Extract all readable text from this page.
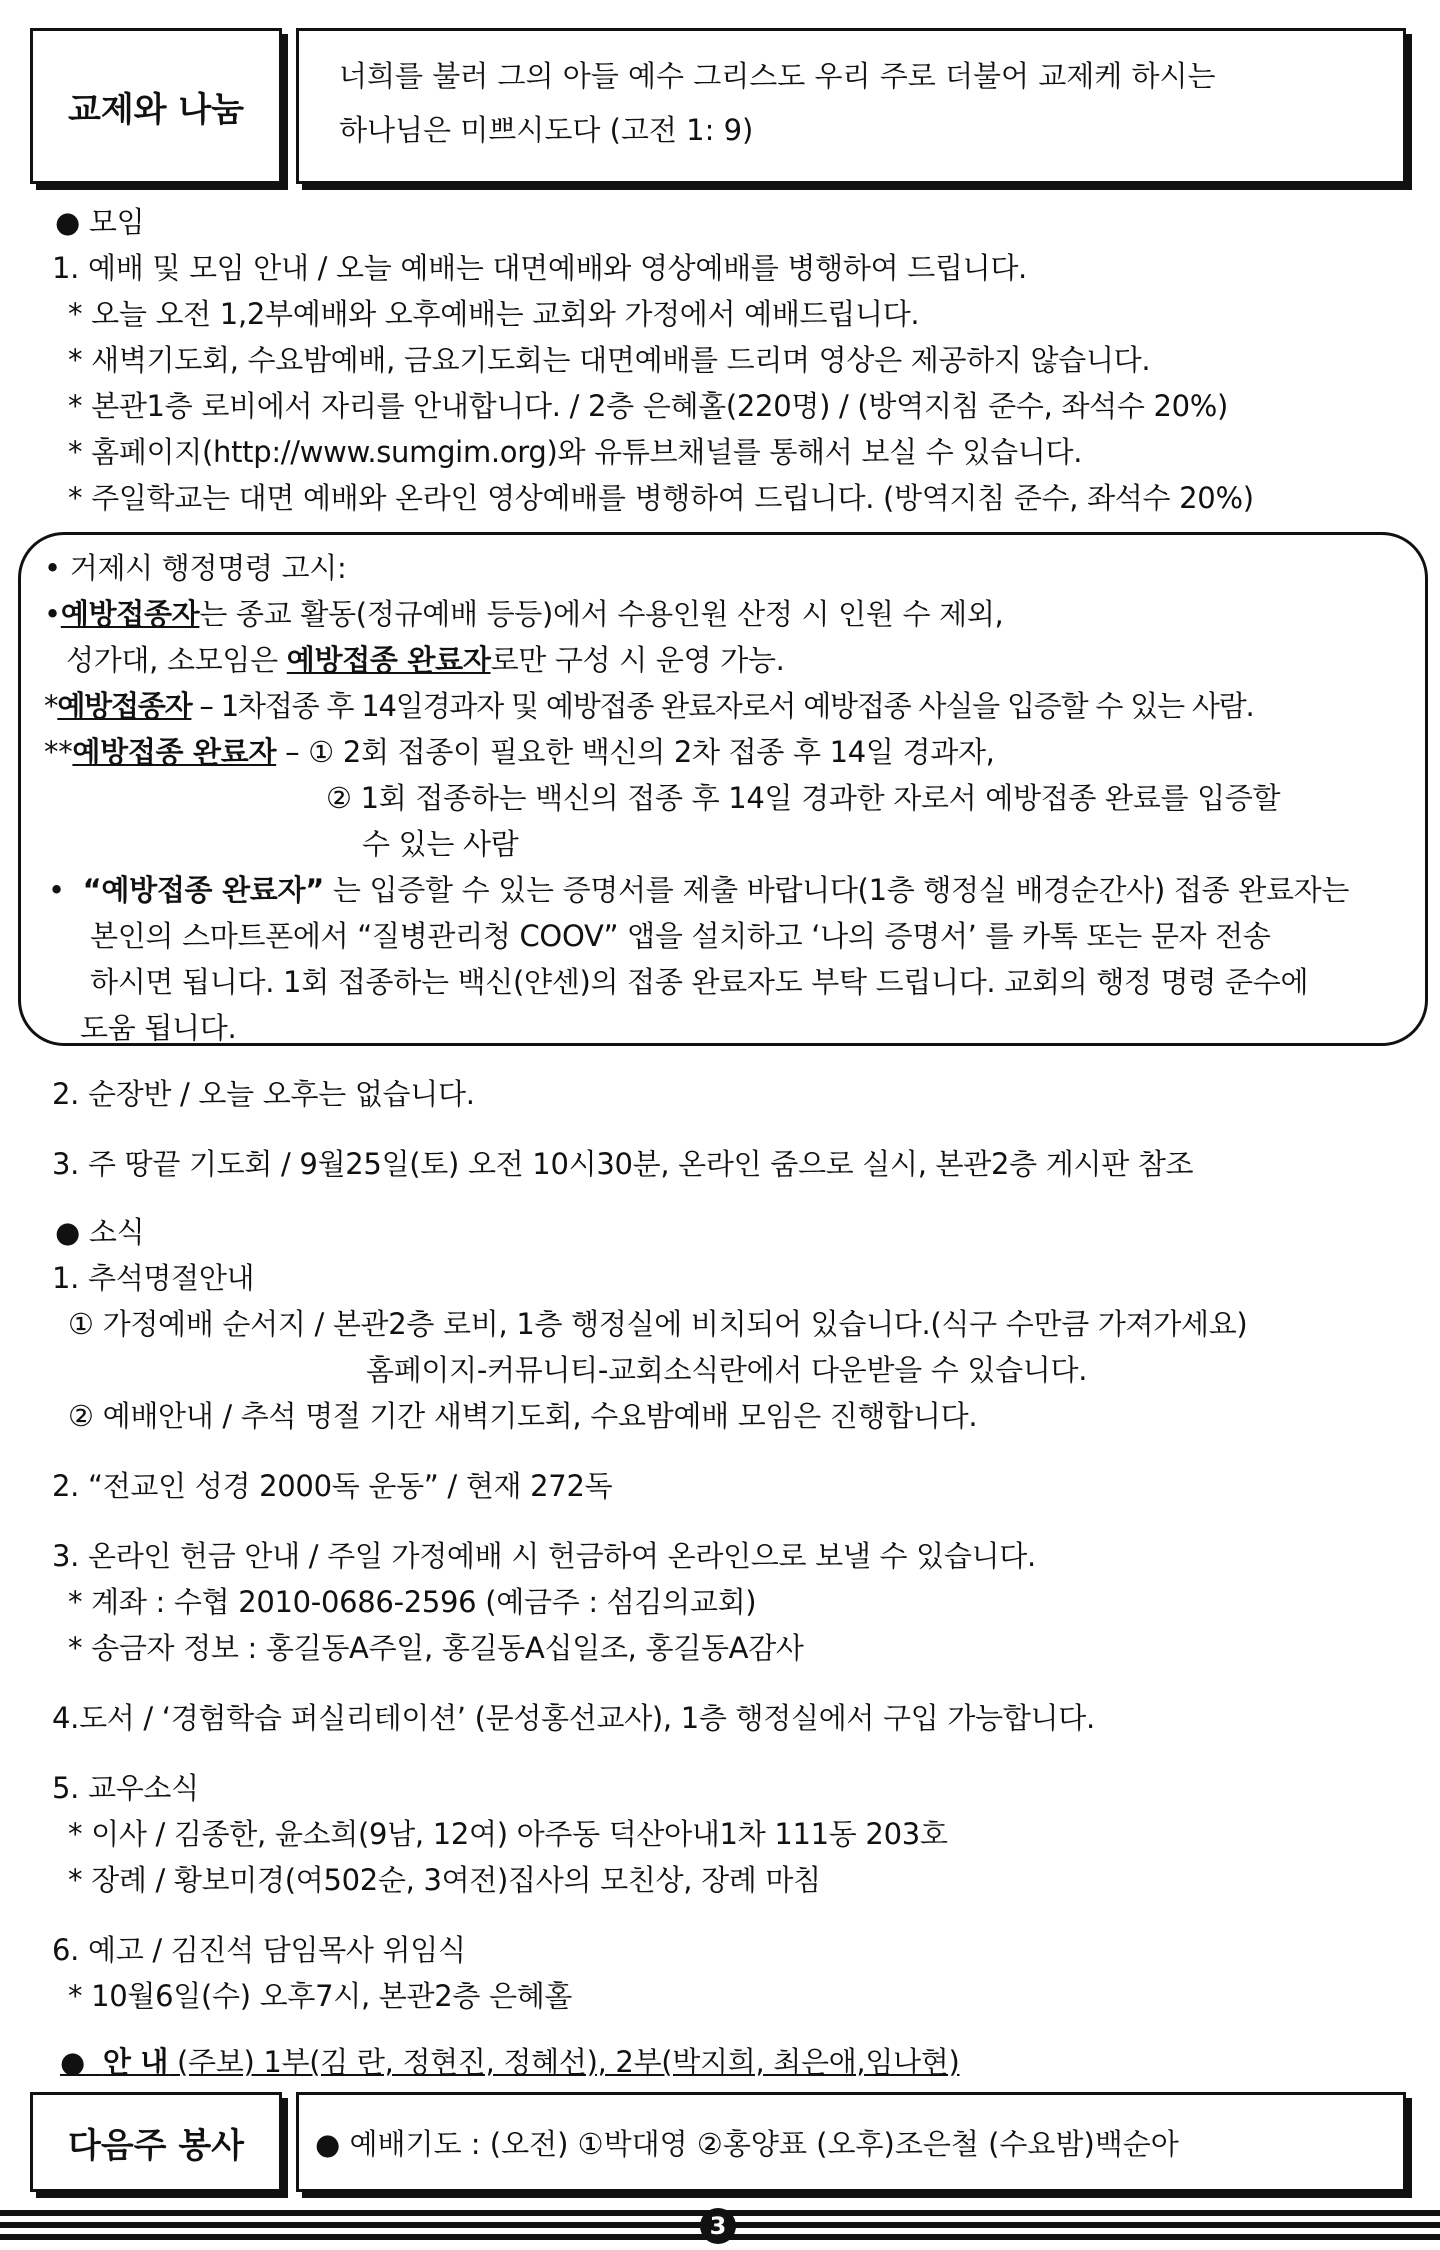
교제와 나눔
너희를 불러 그의 아들 예수 그리스도 우리 주로 더불어 교제케 하시는
하나님은 미쁘시도다 (고전 1: 9)
● 모임
1. 예배 및 모임 안내 / 오늘 예배는 대면예배와 영상예배를 병행하여 드립니다.
* 오늘 오전 1,2부예배와 오후예배는 교회와 가정에서 예배드립니다.
* 새벽기도회, 수요밤예배, 금요기도회는 대면예배를 드리며 영상은 제공하지 않습니다.
* 본관1층 로비에서 자리를 안내합니다. / 2층 은혜홀(220명) / (방역지침 준수, 좌석수 20%)
* 홈페이지(http://www.sumgim.org)와 유튜브채널를 통해서 보실 수 있습니다.
* 주일학교는 대면 예배와 온라인 영상예배를 병행하여 드립니다. (방역지침 준수, 좌석수 20%)
• 거제시 행정명령 고시:
•예방접종자는 종교 활동(정규예배 등등)에서 수용인원 산정 시 인원 수 제외,
성가대, 소모임은 예방접종 완료자로만 구성 시 운영 가능.
*예방접종자 – 1차접종 후 14일경과자 및 예방접종 완료자로서 예방접종 사실을 입증할 수 있는 사람.
**예방접종 완료자 – ① 2회 접종이 필요한 백신의 2차 접종 후 14일 경과자,
② 1회 접종하는 백신의 접종 후 14일 경과한 자로서 예방접종 완료를 입증할
수 있는 사람
• “예방접종 완료자” 는 입증할 수 있는 증명서를 제출 바랍니다(1층 행정실 배경순간사) 접종 완료자는
본인의 스마트폰에서 “질병관리청 COOV” 앱을 설치하고 ‘나의 증명서’ 를 카톡 또는 문자 전송
하시면 됩니다. 1회 접종하는 백신(얀센)의 접종 완료자도 부탁 드립니다. 교회의 행정 명령 준수에
도움 됩니다.
2. 순장반 / 오늘 오후는 없습니다.
3. 주 땅끝 기도회 / 9월25일(토) 오전 10시30분, 온라인 줌으로 실시, 본관2층 게시판 참조
● 소식
1. 추석명절안내
① 가정예배 순서지 / 본관2층 로비, 1층 행정실에 비치되어 있습니다.(식구 수만큼 가져가세요)
홈페이지-커뮤니티-교회소식란에서 다운받을 수 있습니다.
② 예배안내 / 추석 명절 기간 새벽기도회, 수요밤예배 모임은 진행합니다.
2. “전교인 성경 2000독 운동” / 현재 272독
3. 온라인 헌금 안내 / 주일 가정예배 시 헌금하여 온라인으로 보낼 수 있습니다.
* 계좌 : 수협 2010-0686-2596 (예금주 : 섬김의교회)
* 송금자 정보 : 홍길동A주일, 홍길동A십일조, 홍길동A감사
4.도서 / ‘경험학습 퍼실리테이션’ (문성홍선교사), 1층 행정실에서 구입 가능합니다.
5. 교우소식
* 이사 / 김종한, 윤소희(9남, 12여) 아주동 덕산아내1차 111동 203호
* 장례 / 황보미경(여502순, 3여전)집사의 모친상, 장례 마침
6. 예고 / 김진석 담임목사 위임식
* 10월6일(수) 오후7시, 본관2층 은혜홀
● 안 내 (주보) 1부(김 란, 정현진, 정혜선), 2부(박지희, 최은애,임나현)
다음주 봉사 ● 예배기도 : (오전) ①박대영 ②홍양표 (오후)조은철 (수요밤)백순아
3
